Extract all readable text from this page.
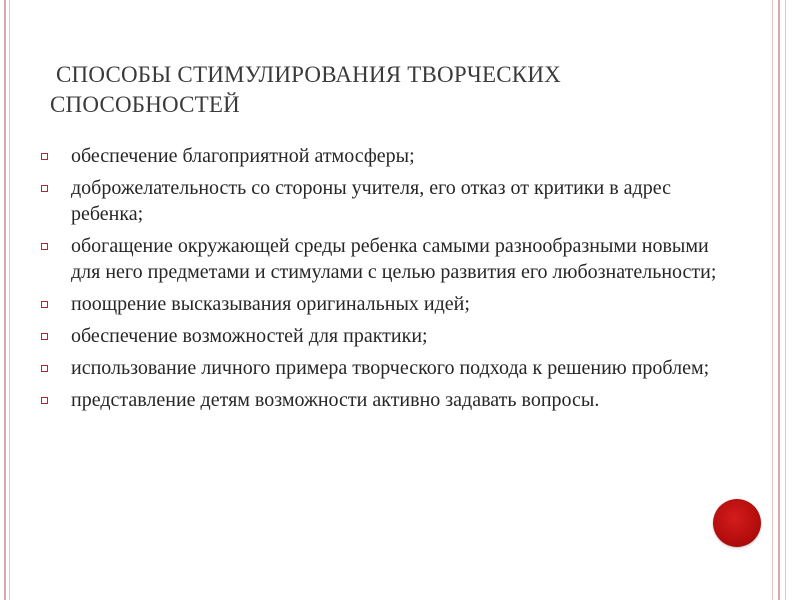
СПОСОБЫ СТИМУЛИРОВАНИЯ ТВОРЧЕСКИХ
СПОСОБНОСТЕЙ
обеспечение благоприятной атмосферы;
доброжелательность со стороны учителя, его отказ от критики в адрес ребенка;
обогащение окружающей среды ребенка самыми разнообразными новыми для него предметами и стимулами с целью развития его любознательности;
поощрение высказывания оригинальных идей;
обеспечение возможностей для практики;
использование личного примера творческого подхода к решению проблем;
представление детям возможности активно задавать вопросы.
